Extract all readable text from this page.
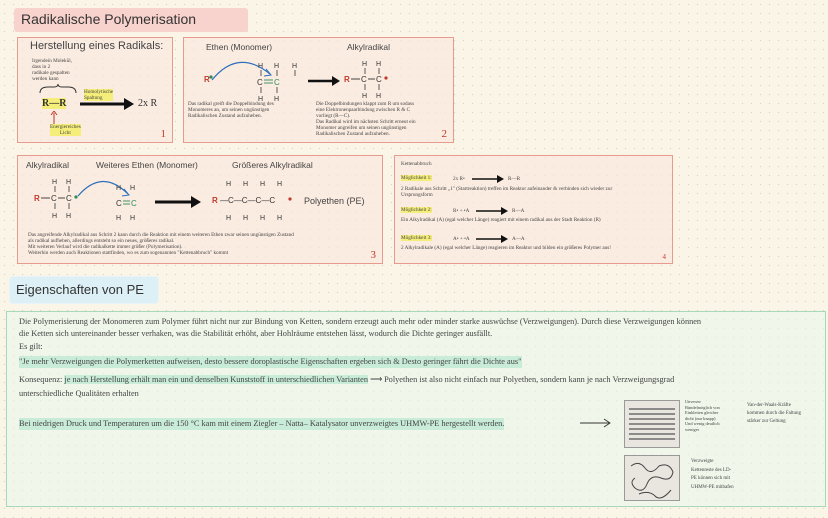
Radikalische Polymerisation
Herstellung eines Radikals:
Irgendein Molekül,
dass in 2
radikale gespalten
werden kann
Homolytische
Spaltung
R—R → 2x R
Energiereiches
Licht	1
Ethen (Monomer)	Alkylradikal
R
H H
C C
H H
H	H H
R C C
H H
Das radikal greift die Doppelbindung des
Monomeres an, um seinen ungünstigen
Radikalischen Zustand aufzuheben.
Die Doppelbindungen klappt zum R um sodass
eine Elektronenpaarbindung zwischen R & C
vorliegt (R—C).
Das Radikal wird im nächsten Schritt erneut ein
Monomer angreifen um seinen ungünstigen
Radikalischen Zustand aufzuheben.	2
Alkylradikal	Weiteres Ethen (Monomer)	Größeres Alkylradikal
H H
R C C
H H
H H
C C
H H
H H H H
R —C—C—C—C
H H H H
Polyethen (PE)
Das angreifende Alkylradikal aus Schritt 2 kann durch die Reaktion mit einem weiteren Ethen zwar seinen ungünstigen Zustand
als radikal aufheben, allerdings entsteht so ein neues, größeres radikal.
Mit weiteren Verlauf wird die radikalkette immer größer (Polymerisation).
Weiterhin werden auch Reaktionen stattfinden, wo es zum sogenannten "Kettenabbruch" kommt	3
Kettenabbruch
Möglichkeit 1:	2x R• → R—R
2 Radikale aus Schritt „1" (Startreaktion) treffen im Reaktor aufeinander & verbinden sich wieder zur
Ursprungsform
Möglichkeit 2:	R• + •A → R—A
Ein Alkylradikal (A) (egal welcher Länge) reagiert mit einem radikal aus der Stadt Reaktion (R)
Möglichkeit 3:	A• + •A → A—A
2 Alkylradikale (A) (egal welcher Länge) reagieren im Reaktor und bilden ein größeres Polymer aus!
4
Eigenschaften von PE
Die Polymerisierung der Monomeren zum Polymer führt nicht nur zur Bindung von Ketten, sondern erzeugt auch mehr oder minder starke auswüchse (Verzweigungen). Durch diese Verzweigungen können
die Ketten sich untereinander besser verhaken, was die Stabilität erhöht, aber Hohlräume entstehen lässt, wodurch die Dichte geringer ausfällt.
Es gilt:
"Je mehr Verzweigungen die Polymerketten aufweisen, desto bessere doroplastische Eigenschaften ergeben sich & Desto geringer fährt die Dichte aus"
Konsequenz: je nach Herstellung erhält man ein und denselben Kunststoff in unterschiedlichen Varianten ⟶ Polyethen ist also nicht einfach nur Polyethen, sondern kann je nach Verzweigungsgrad
unterschiedliche Qualitäten erhalten
Bei niedrigen Druck und Temperaturen um die 150 °C kam mit einem Ziegler – Natta– Katalysator unverzweigtes UHMW-PE hergestellt werden.
Unverzw
Bündelmöglich von
Einkletten gleicher
dicht (nur knapp)
Und wenig deutlich
weniger
Van-der-Waals-Kräfte
kommen durch die Faltung
stärker zur Geltung
Verzweigte
Kettenreste des LD-
PE können sich mit
UHMW-PE mitbafen
